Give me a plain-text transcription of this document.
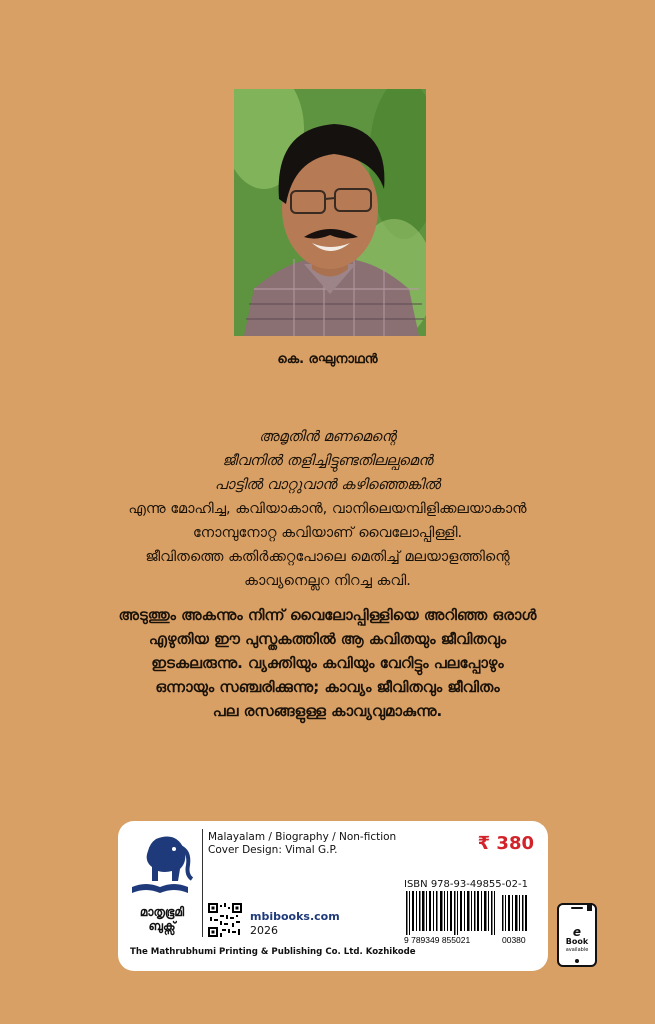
കെ. രഘുനാഥൻ
അമൃതിൻ മണമെന്റെ
ജീവനിൽ തളിച്ചിട്ടുണ്ടതിലല്പമെൻ
പാട്ടിൽ വാറ്റുവാൻ കഴിഞ്ഞെങ്കിൽ
എന്നു മോഹിച്ച, കവിയാകാൻ, വാനിലെയമ്പിളിക്കലയാകാൻ
നോമ്പുനോറ്റ കവിയാണ് വൈലോപ്പിള്ളി.
ജീവിതത്തെ കതിർക്കറ്റപോലെ മെതിച്ച് മലയാളത്തിന്റെ
കാവ്യനെല്ലറ നിറച്ച കവി.
അടുത്തും അകന്നും നിന്ന് വൈലോപ്പിള്ളിയെ അറിഞ്ഞ ഒരാൾ
എഴുതിയ ഈ പുസ്തകത്തിൽ ആ കവിതയും ജീവിതവും
ഇടകലരുന്നു. വ്യക്തിയും കവിയും വേറിട്ടും പലപ്പോഴും
ഒന്നായും സഞ്ചരിക്കുന്നു; കാവ്യം ജീവിതവും ജീവിതം
പല രസങ്ങളുള്ള കാവ്യവുമാകുന്നു.
മാതൃഭൂമി
ബുക്സ്
Malayalam / Biography / Non-fiction
Cover Design: Vimal G.P.	₹ 380
ISBN 978-93-49855-02-1
9 789349 855021	00380
mbibooks.com
2026
The Mathrubhumi Printing & Publishing Co. Ltd. Kozhikode
e
Book
available
